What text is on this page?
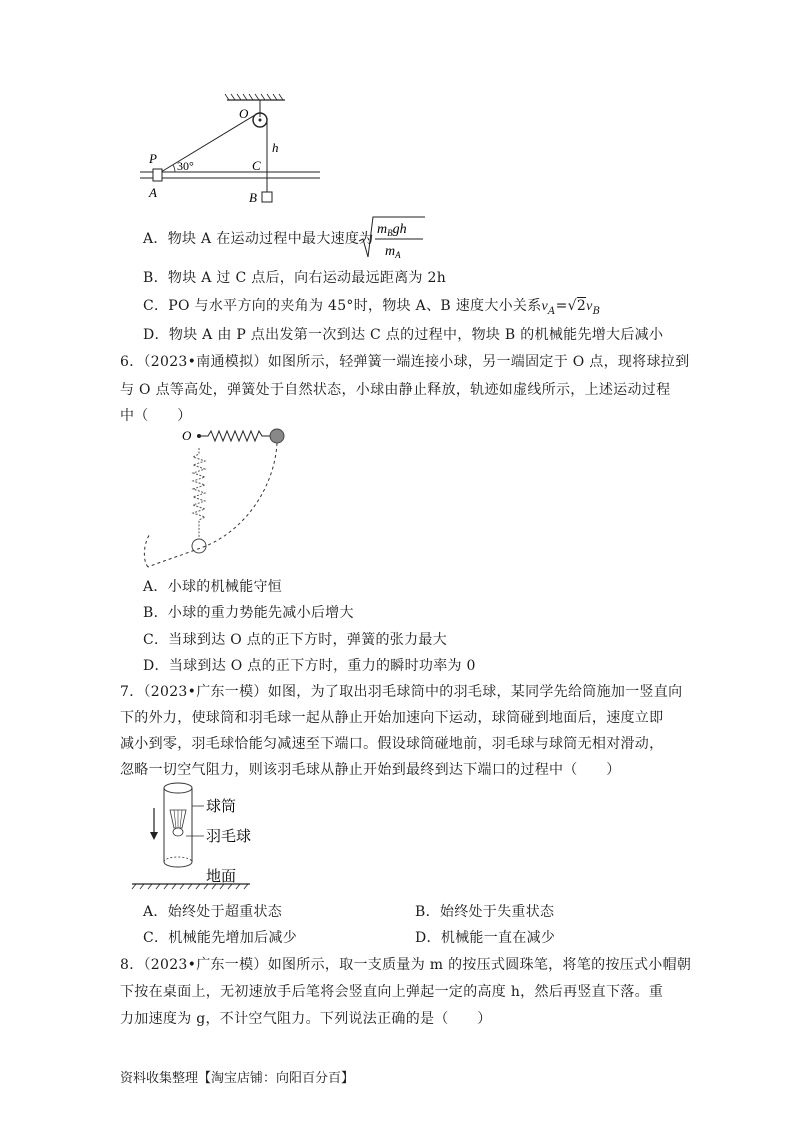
O
P
A	B
C
h
30°
A．物块 A 在运动过程中最大速度为
$m_Bgh$
$m_A$
B．物块 A 过 C 点后，向右运动最远距离为 2h
C．PO 与水平方向的夹角为 45°时，物块 A、B 速度大小关系$v_A=√2v_B$
D．物块 A 由 P 点出发第一次到达 C 点的过程中，物块 B 的机械能先增大后减小
6．（2023•南通模拟）如图所示，轻弹簧一端连接小球，另一端固定于 O 点，现将球拉到
与 O 点等高处，弹簧处于自然状态，小球由静止释放，轨迹如虚线所示，上述运动过程
中（　　）
O
A．小球的机械能守恒
B．小球的重力势能先减小后增大
C．当球到达 O 点的正下方时，弹簧的张力最大
D．当球到达 O 点的正下方时，重力的瞬时功率为 0
7．（2023•广东一模）如图，为了取出羽毛球筒中的羽毛球，某同学先给筒施加一竖直向
下的外力，使球筒和羽毛球一起从静止开始加速向下运动，球筒碰到地面后，速度立即
减小到零，羽毛球恰能匀减速至下端口。假设球筒碰地前，羽毛球与球筒无相对滑动，
忽略一切空气阻力，则该羽毛球从静止开始到最终到达下端口的过程中（　　）
球筒
羽毛球
地面
A．始终处于超重状态	B．始终处于失重状态
C．机械能先增加后减少	D．机械能一直在减少
8．（2023•广东一模）如图所示，取一支质量为 m 的按压式圆珠笔，将笔的按压式小帽朝
下按在桌面上，无初速放手后笔将会竖直向上弹起一定的高度 h，然后再竖直下落。重
力加速度为 g，不计空气阻力。下列说法正确的是（　　）
资料收集整理【淘宝店铺：向阳百分百】
